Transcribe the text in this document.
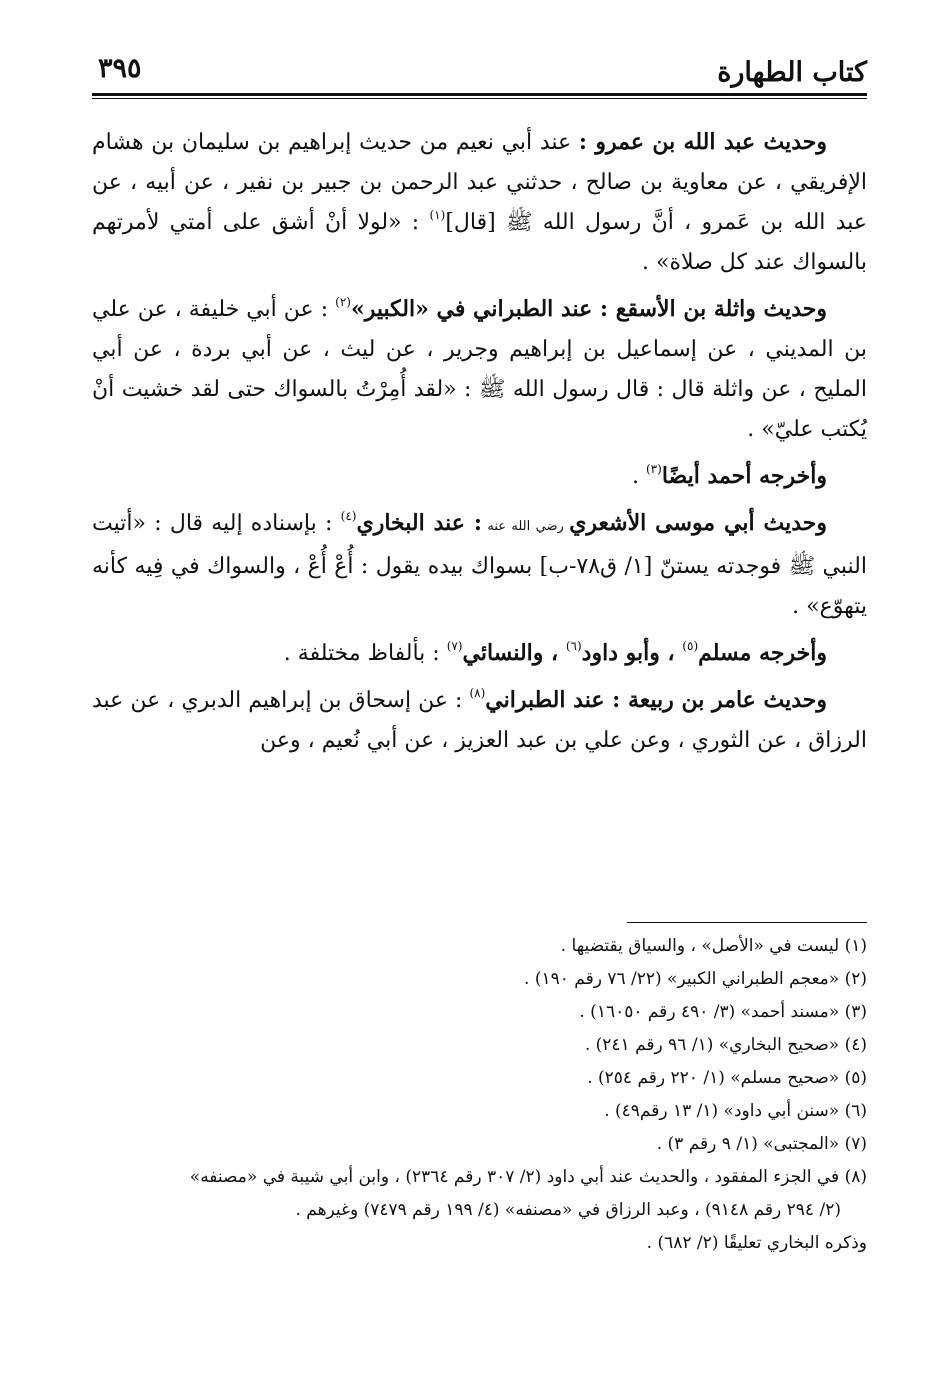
كتاب الطهارة
٣٩٥

وحديث عبد الله بن عمرو : عند أبي نعيم من حديث إبراهيم بن سليمان بن هشام الإفريقي ، عن معاوية بن صالح ، حدثني عبد الرحمن بن جبير بن نفير ، عن أبيه ، عن عبد الله بن عَمرو ، أنَّ رسول الله ﷺ [قال]$^{(١)}$ : «لولا أنْ أشق على أمتي لأمرتهم بالسواك عند كل صلاة» .

وحديث واثلة بن الأسقع : عند الطبراني في «الكبير»$^{(٢)}$ : عن أبي خليفة ، عن علي بن المديني ، عن إسماعيل بن إبراهيم وجرير ، عن ليث ، عن أبي بردة ، عن أبي المليح ، عن واثلة قال : قال رسول الله ﷺ : «لقد أُمِرْتُ بالسواك حتى لقد خشيت أنْ يُكتب عليّ» .

وأخرجه أحمد أيضًا$^{(٣)}$ .

وحديث أبي موسى الأشعري رضي الله عنه : عند البخاري$^{(٤)}$ : بإسناده إليه قال : «أتيت النبي ﷺ فوجدته يستنّ [١/ ق٧٨-ب] بسواك بيده يقول : أُعْ أُعْ ، والسواك في فِيه كأنه يتهوّع» .

وأخرجه مسلم$^{(٥)}$ ، وأبو داود$^{(٦)}$ ، والنسائي$^{(٧)}$ : بألفاظ مختلفة .

وحديث عامر بن ربيعة : عند الطبراني$^{(٨)}$ : عن إسحاق بن إبراهيم الدبري ، عن عبد الرزاق ، عن الثوري ، وعن علي بن عبد العزيز ، عن أبي نُعيم ، وعن

(١) ليست في «الأصل» ، والسياق يقتضيها .

(٢) «معجم الطبراني الكبير» (٢٢/ ٧٦ رقم ١٩٠) .

(٣) «مسند أحمد» (٣/ ٤٩٠ رقم ١٦٠٥٠) .

(٤) «صحيح البخاري» (١/ ٩٦ رقم ٢٤١) .

(٥) «صحيح مسلم» (١/ ٢٢٠ رقم ٢٥٤) .

(٦) «سنن أبي داود» (١/ ١٣ رقم٤٩) .

(٧) «المجتبى» (١/ ٩ رقم ٣) .

(٨) في الجزء المفقود ، والحديث عند أبي داود (٢/ ٣٠٧ رقم ٢٣٦٤) ، وابن أبي شيبة في «مصنفه»

(٢/ ٢٩٤ رقم ٩١٤٨) ، وعبد الرزاق في «مصنفه» (٤/ ١٩٩ رقم ٧٤٧٩) وغيرهم .

وذكره البخاري تعليقًا (٢/ ٦٨٢) .
